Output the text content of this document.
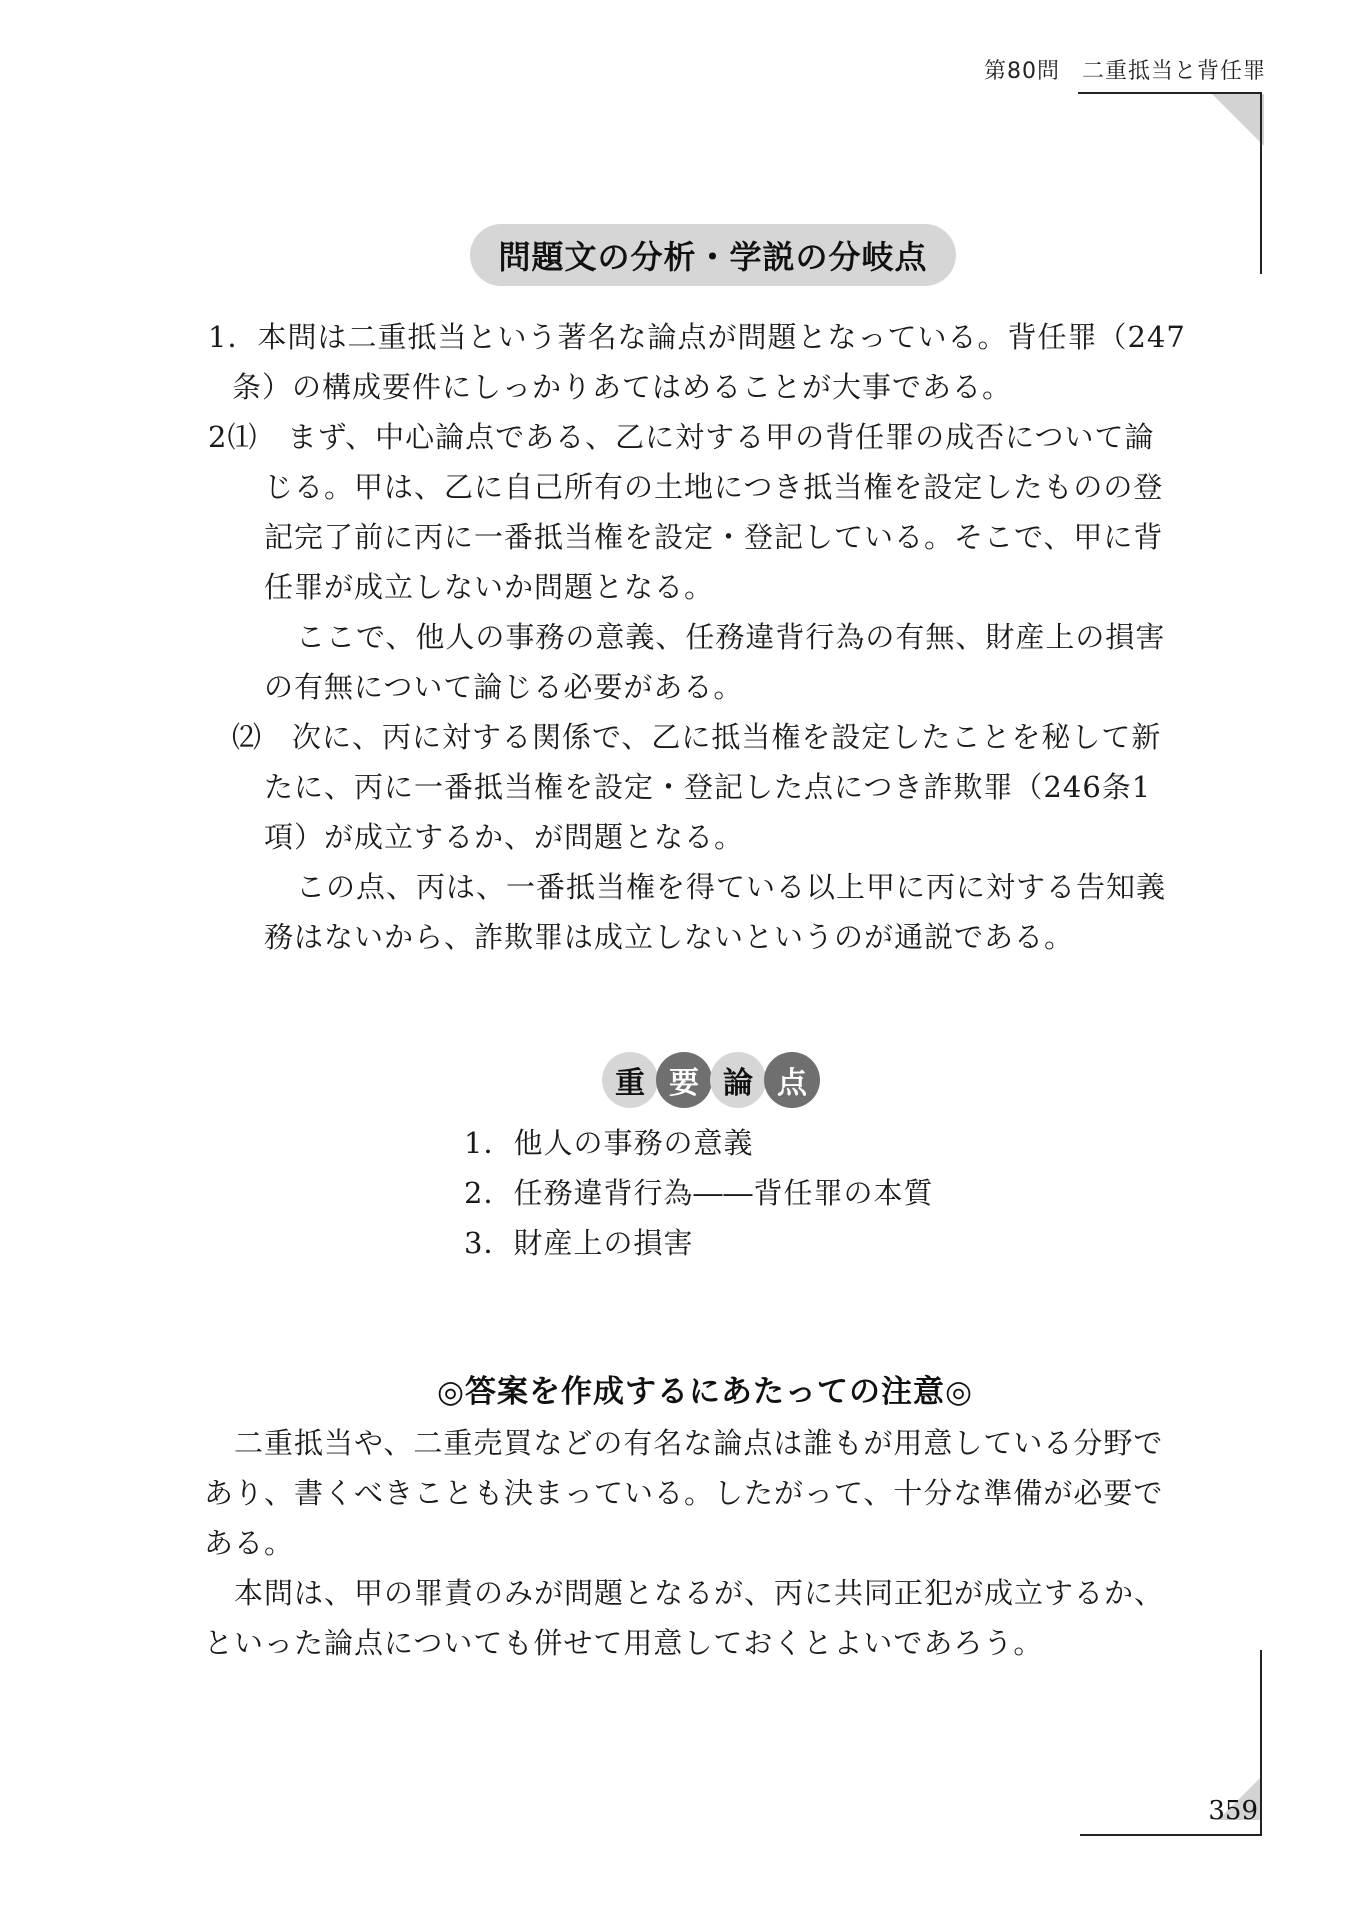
第80問 二重抵当と背任罪
問題文の分析・学説の分岐点
1．本問は二重抵当という著名な論点が問題となっている。背任罪（247
条）の構成要件にしっかりあてはめることが大事である。
2⑴　まず、中心論点である、乙に対する甲の背任罪の成否について論
じる。甲は、乙に自己所有の土地につき抵当権を設定したものの登
記完了前に丙に一番抵当権を設定・登記している。そこで、甲に背
任罪が成立しないか問題となる。
ここで、他人の事務の意義、任務違背行為の有無、財産上の損害
の有無について論じる必要がある。
⑵　次に、丙に対する関係で、乙に抵当権を設定したことを秘して新
たに、丙に一番抵当権を設定・登記した点につき詐欺罪（246条1
項）が成立するか、が問題となる。
この点、丙は、一番抵当権を得ている以上甲に丙に対する告知義
務はないから、詐欺罪は成立しないというのが通説である。
重 要 論 点
1．他人の事務の意義
2．任務違背行為――背任罪の本質
3．財産上の損害
◎答案を作成するにあたっての注意◎
二重抵当や、二重売買などの有名な論点は誰もが用意している分野で
あり、書くべきことも決まっている。したがって、十分な準備が必要で
ある。
本問は、甲の罪責のみが問題となるが、丙に共同正犯が成立するか、
といった論点についても併せて用意しておくとよいであろう。
359
